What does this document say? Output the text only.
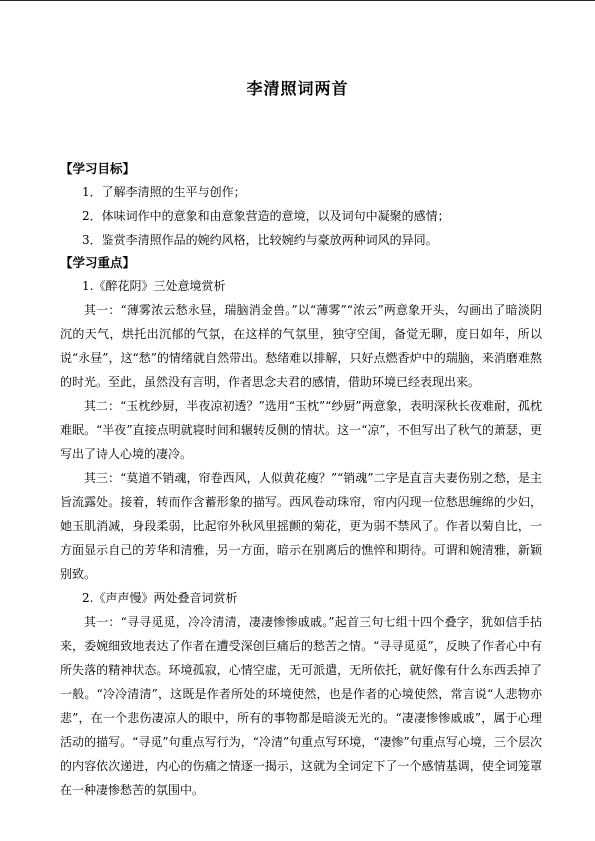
李清照词两首
【学习目标】
1．了解李清照的生平与创作；
2．体味词作中的意象和由意象营造的意境，以及词句中凝聚的感情；
3．鉴赏李清照作品的婉约风格，比较婉约与豪放两种词风的异同。
【学习重点】
1.《醉花阴》三处意境赏析

其一：“薄雾浓云愁永昼，瑞脑消金兽。”以“薄雾”“浓云”两意象开头，勾画出了暗淡阴沉的天气，烘托出沉郁的气氛，在这样的气氛里，独守空闺，备觉无聊，度日如年，所以说“永昼”，这“愁”的情绪就自然带出。愁绪难以排解，只好点燃香炉中的瑞脑，来消磨难熬的时光。至此，虽然没有言明，作者思念夫君的感情，借助环境已经表现出来。

其二：“玉枕纱厨，半夜凉初透？”选用“玉枕”“纱厨”两意象，表明深秋长夜难耐，孤枕难眠。“半夜”直接点明就寝时间和辗转反侧的情状。这一“凉”，不但写出了秋气的萧瑟，更写出了诗人心境的凄冷。

其三：“莫道不销魂，帘卷西风，人似黄花瘦？”“销魂”二字是直言夫妻伤别之愁，是主旨流露处。接着，转而作含蓄形象的描写。西风卷动珠帘，帘内闪现一位愁思缠绵的少妇，她玉肌消减，身段柔弱，比起帘外秋风里摇颤的菊花，更为弱不禁风了。作者以菊自比，一方面显示自己的芳华和清雅，另一方面，暗示在别离后的憔悴和期待。可谓和婉清雅，新颖别致。

2.《声声慢》两处叠音词赏析

其一：“寻寻觅觅，冷冷清清，凄凄惨惨戚戚。”起首三句七组十四个叠字，犹如信手拈来，委婉细致地表达了作者在遭受深创巨痛后的愁苦之情。“寻寻觅觅”，反映了作者心中有所失落的精神状态。环境孤寂，心情空虚，无可派遣，无所依托，就好像有什么东西丢掉了一般。“冷冷清清”，这既是作者所处的环境使然，也是作者的心境使然，常言说“人悲物亦悲”，在一个悲伤凄凉人的眼中，所有的事物都是暗淡无光的。“凄凄惨惨戚戚”，属于心理活动的描写。“寻觅”句重点写行为，“冷清”句重点写环境，“凄惨”句重点写心境，三个层次的内容依次递进，内心的伤痛之情逐一揭示，这就为全词定下了一个感情基调，使全词笼罩在一种凄惨愁苦的氛围中。
